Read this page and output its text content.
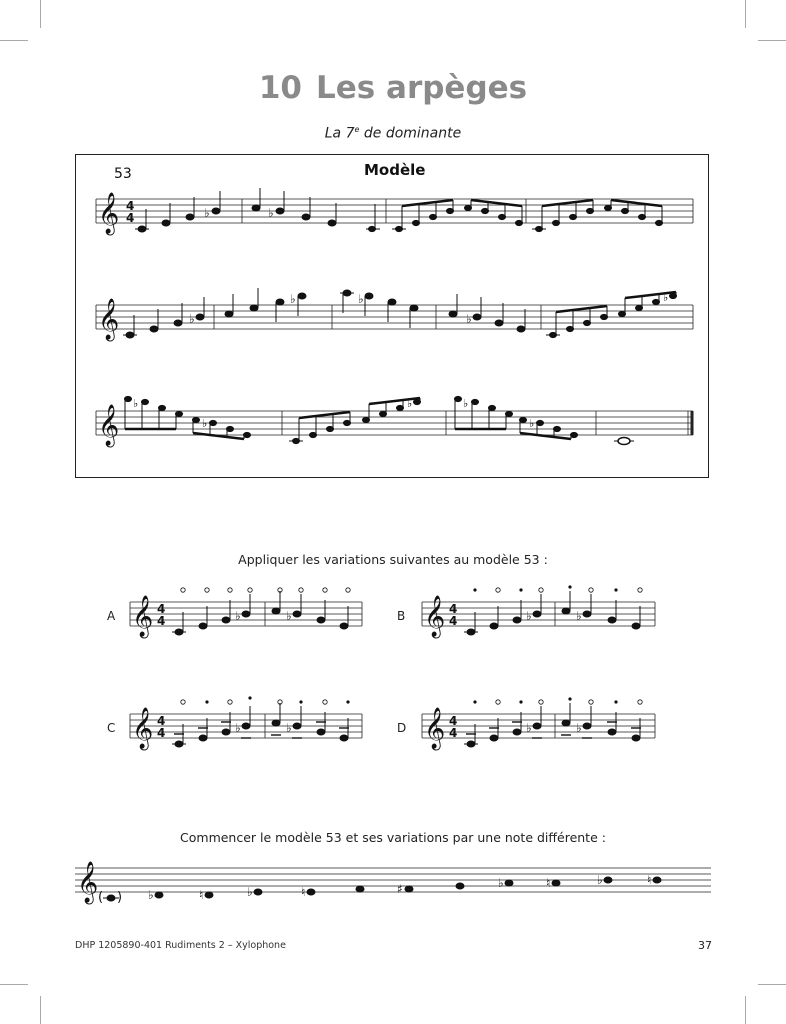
10 Les arpèges
La 7e de dominante
Modèle
53
𝄞 4
4	♭	♭
𝄞	♭
♭	♭
♭
♭
𝄞
♭
♭
♭	♭
♭
Appliquer les variations suivantes au modèle 53 :
A	B
C	D
𝄞 4
4	♭	♭	𝄞 4
4	♭	♭
𝄞 4
4	♭	♭	𝄞 4
4	♭	♭
Commencer le modèle 53 et ses variations par une note différente :
𝄞 ( ) ♭	♮	♭	♮	♯	♭	♮	♭	♮
DHP 1205890-401 Rudiments 2 – Xylophone	37
